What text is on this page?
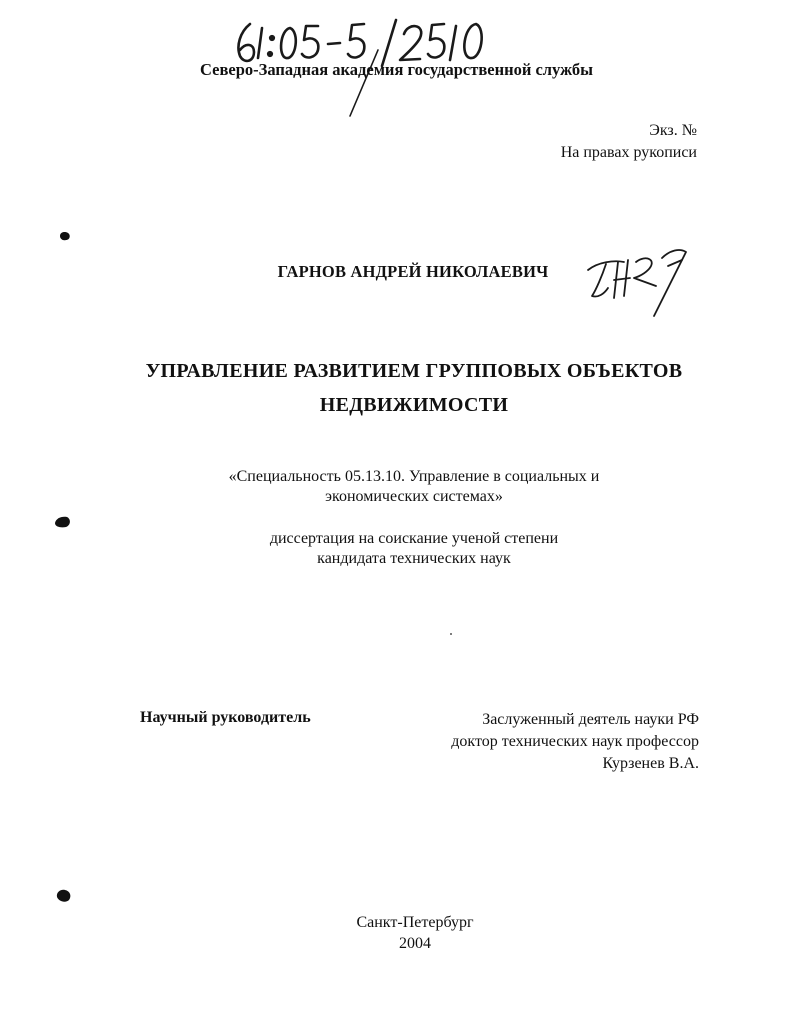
Северо-Западная академия государственной службы
Экз. №
На правах рукописи
ГАРНОВ АНДРЕЙ НИКОЛАЕВИЧ
УПРАВЛЕНИЕ РАЗВИТИЕМ ГРУППОВЫХ ОБЪЕКТОВ
НЕДВИЖИМОСТИ
«Специальность 05.13.10. Управление в социальных и
экономических системах»
диссертация на соискание ученой степени
кандидата технических наук
Научный руководитель	Заслуженный деятель науки РФ
доктор технических наук профессор
Курзенев В.А.
Санкт-Петербург
2004
